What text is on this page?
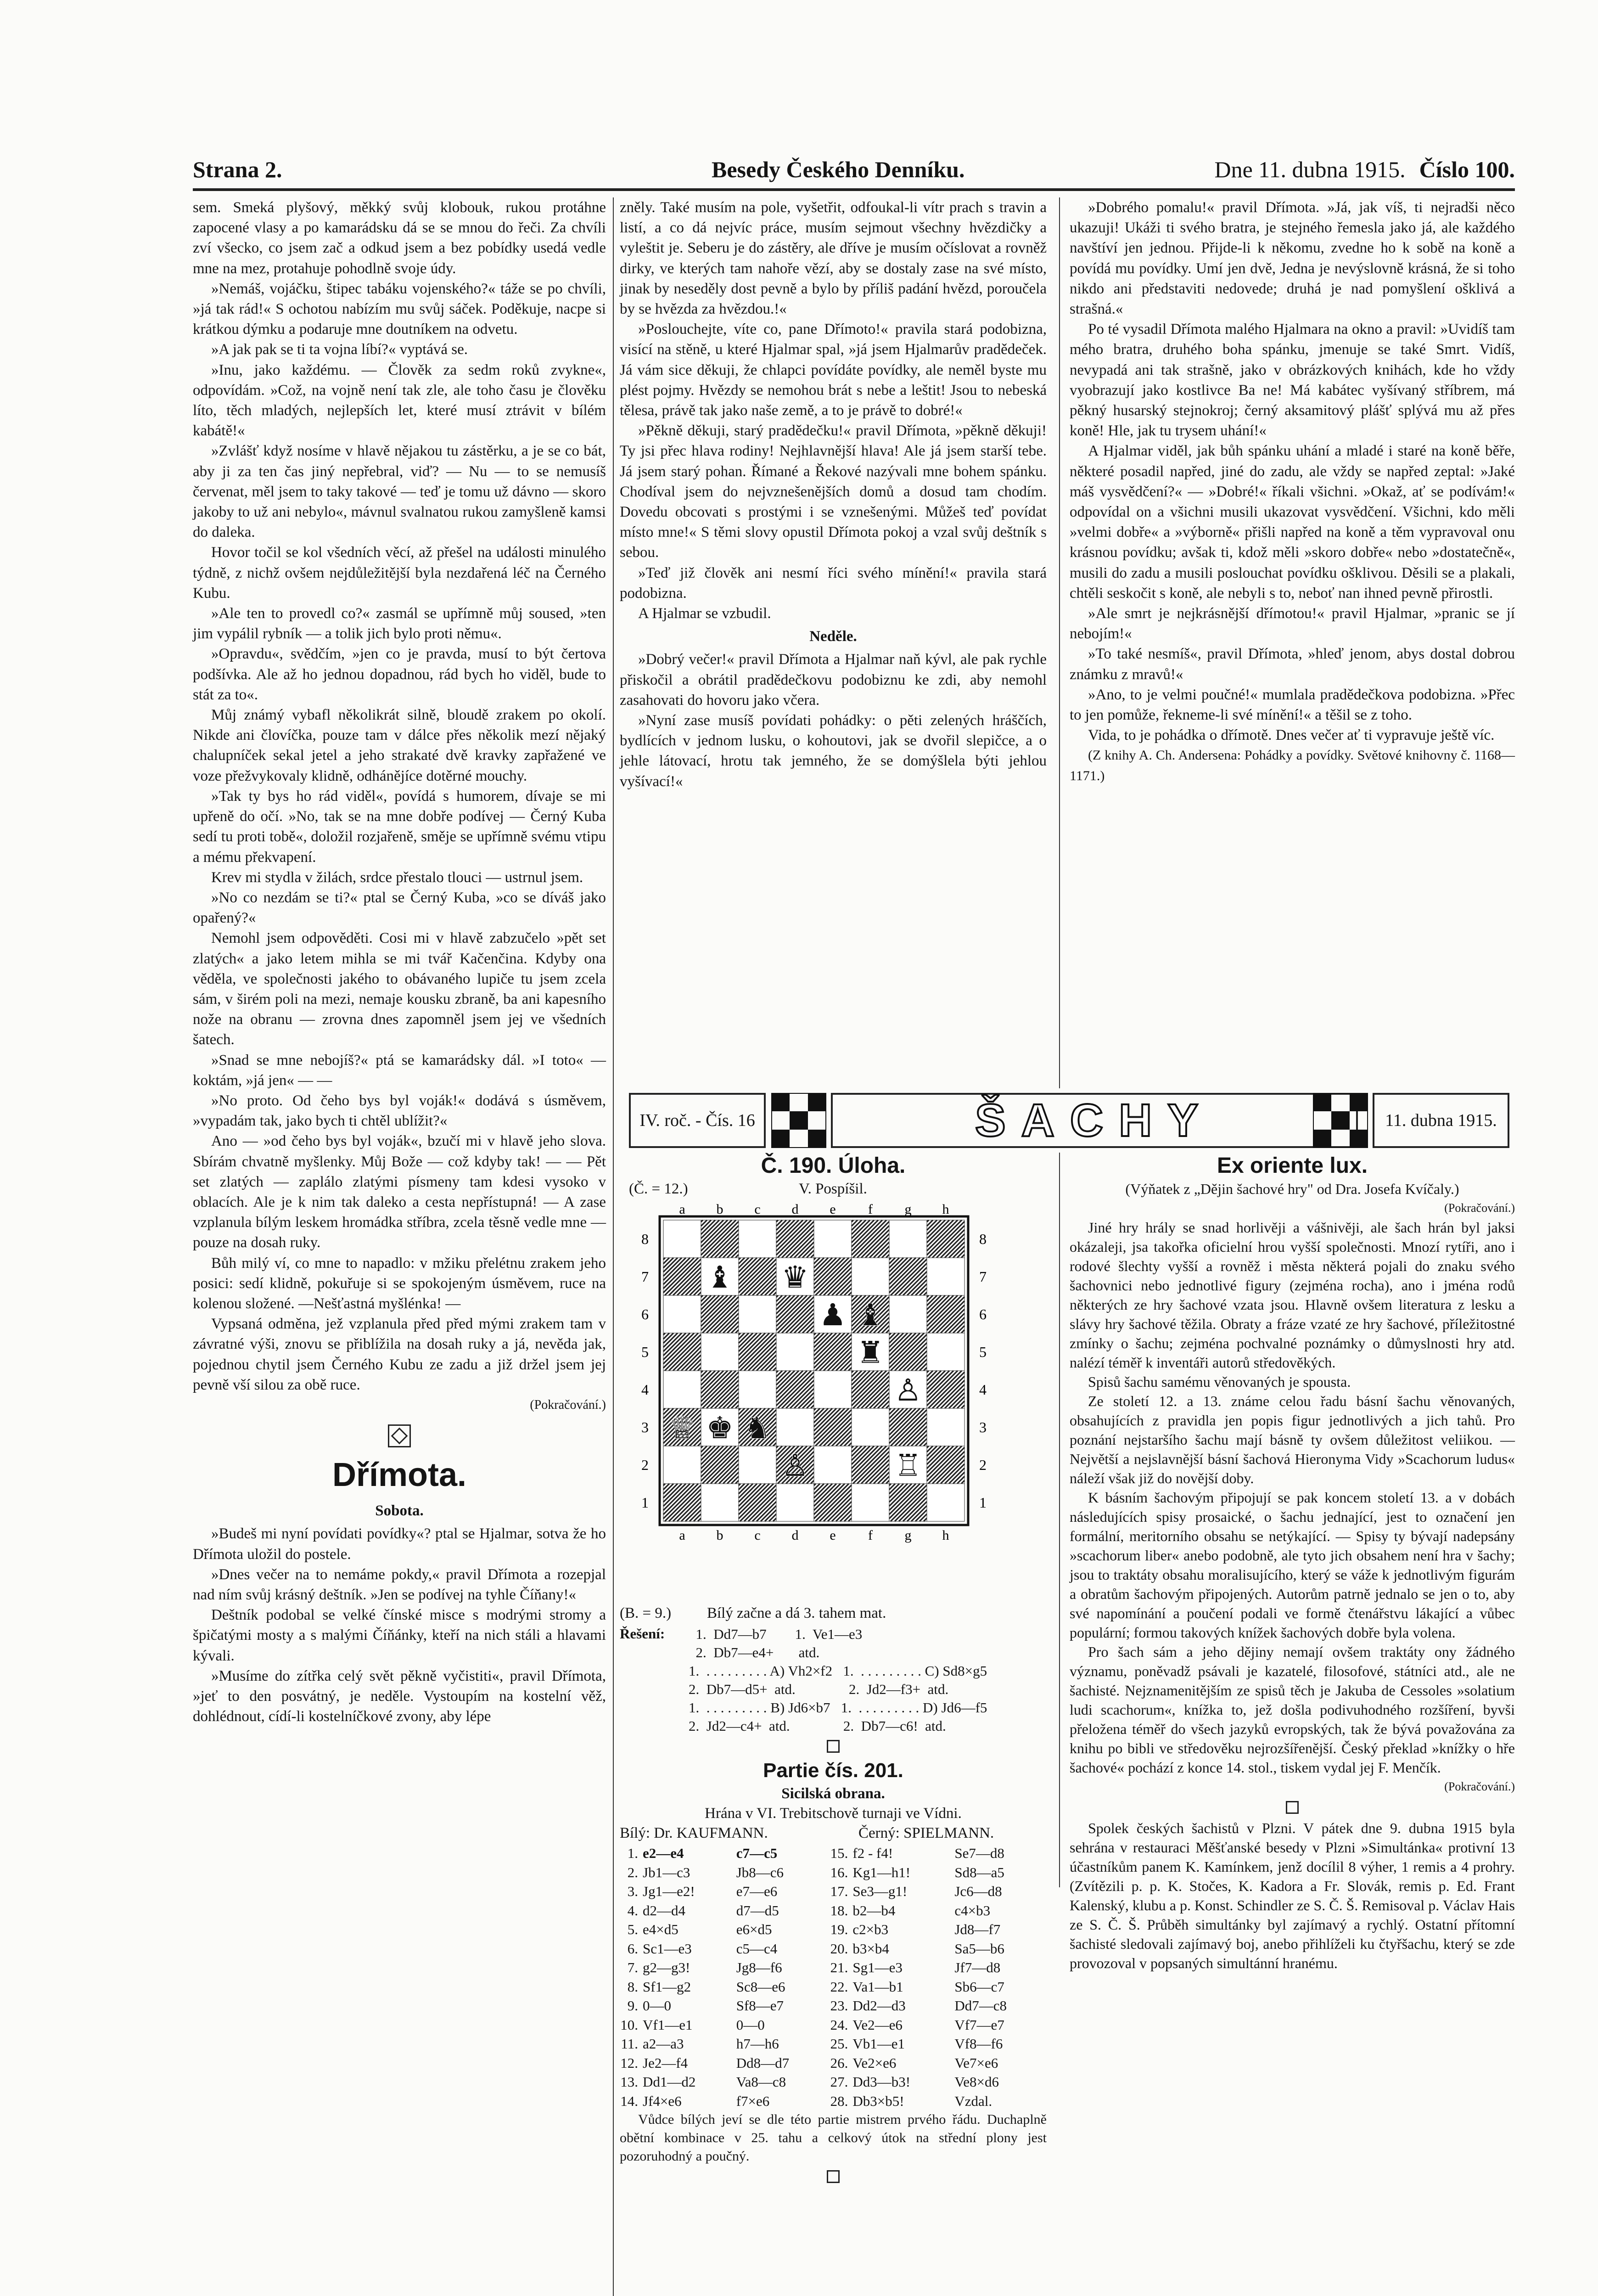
Strana 2.	Besedy Českého Denníku.	Dne 11. dubna 1915. Číslo 100.

sem. Smeká plyšový, měkký svůj klobouk, rukou protáhne zapocené vlasy a po kamarádsku dá se se mnou do řeči. Za chvíli zví všecko, co jsem zač a odkud jsem a bez pobídky usedá vedle mne na mez, protahuje pohodlně svoje údy.

»Nemáš, vojáčku, štipec tabáku vojenského?« táže se po chvíli, »já tak rád!« S ochotou nabízím mu svůj sáček. Poděkuje, nacpe si krátkou dýmku a podaruje mne doutníkem na odvetu.

»A jak pak se ti ta vojna líbí?« vyptává se.

»Inu, jako každému. — Člověk za sedm roků zvykne«, odpovídám. »Což, na vojně není tak zle, ale toho času je člověku líto, těch mladých, nejlepších let, které musí ztrávit v bílém kabátě!«

»Zvlášť když nosíme v hlavě nějakou tu zástěrku, a je se co bát, aby ji za ten čas jiný nepřebral, viď? — Nu — to se nemusíš červenat, měl jsem to taky takové — teď je tomu už dávno — skoro jakoby to už ani nebylo«, mávnul svalnatou rukou zamyšleně kamsi do daleka.

Hovor točil se kol všedních věcí, až přešel na události minulého týdně, z nichž ovšem nejdůležitější byla nezdařená léč na Černého Kubu.

»Ale ten to provedl co?« zasmál se upřímně můj soused, »ten jim vypálil rybník — a tolik jich bylo proti němu«.

»Opravdu«, svědčím, »jen co je pravda, musí to být čertova podšívka. Ale až ho jednou dopadnou, rád bych ho viděl, bude to stát za to«.

Můj známý vybafl několikrát silně, bloudě zrakem po okolí. Nikde ani človíčka, pouze tam v dálce přes několik mezí nějaký chalupníček sekal jetel a jeho strakaté dvě kravky zapřažené ve voze přežvykovaly klidně, odhánějíce dotěrné mouchy.

»Tak ty bys ho rád viděl«, povídá s humorem, dívaje se mi upřeně do očí. »No, tak se na mne dobře podívej — Černý Kuba sedí tu proti tobě«, doložil rozjařeně, směje se upřímně svému vtipu a mému překvapení.

Krev mi stydla v žilách, srdce přestalo tlouci — ustrnul jsem.

»No co nezdám se ti?« ptal se Černý Kuba, »co se díváš jako opařený?«

Nemohl jsem odpověděti. Cosi mi v hlavě zabzučelo »pět set zlatých« a jako letem mihla se mi tvář Kačenčina. Kdyby ona věděla, ve společnosti jakého to obávaného lupiče tu jsem zcela sám, v širém poli na mezi, nemaje kousku zbraně, ba ani kapesního nože na obranu — zrovna dnes zapomněl jsem jej ve všedních šatech.

»Snad se mne nebojíš?« ptá se kamarádsky dál. »I toto« — koktám, »já jen« — —

»No proto. Od čeho bys byl voják!« dodává s úsměvem, »vypadám tak, jako bych ti chtěl ublížit?«

Ano — »od čeho bys byl voják«, bzučí mi v hlavě jeho slova. Sbírám chvatně myšlenky. Můj Bože — což kdyby tak! — — Pět set zlatých — zaplálo zlatými písmeny tam kdesi vysoko v oblacích. Ale je k nim tak daleko a cesta nepřístupná! — A zase vzplanula bílým leskem hromádka stříbra, zcela těsně vedle mne — pouze na dosah ruky.

Bůh milý ví, co mne to napadlo: v mžiku přelétnu zrakem jeho posici: sedí klidně, pokuřuje si se spokojeným úsměvem, ruce na kolenou složené. —Nešťastná myšlénka! —

Vypsaná odměna, jež vzplanula před před mými zrakem tam v závratné výši, znovu se přiblížila na dosah ruky a já, nevěda jak, pojednou chytil jsem Černého Kubu ze zadu a již držel jsem jej pevně vší silou za obě ruce.

(Pokračování.)

Dřímota.

Sobota.

»Budeš mi nyní povídati povídky«? ptal se Hjalmar, sotva že ho Dřímota uložil do postele.

»Dnes večer na to nemáme pokdy,« pravil Dřímota a rozepjal nad ním svůj krásný deštník. »Jen se podívej na tyhle Číňany!«

Deštník podobal se velké čínské misce s modrými stromy a špičatými mosty a s malými Číňánky, kteří na nich stáli a hlavami kývali.

»Musíme do zítřka celý svět pěkně vyčistiti«, pravil Dřímota, »jeť to den posvátný, je neděle. Vystoupím na kostelní věž, dohlédnout, cídí-li kostelníčkové zvony, aby lépe

zněly. Také musím na pole, vyšetřit, odfoukal-li vítr prach s travin a listí, a co dá nejvíc práce, musím sejmout všechny hvězdičky a vyleštit je. Seberu je do zástěry, ale dříve je musím očíslovat a rovněž dirky, ve kterých tam nahoře vězí, aby se dostaly zase na své místo, jinak by neseděly dost pevně a bylo by příliš padání hvězd, poroučela by se hvězda za hvězdou.!«

»Poslouchejte, víte co, pane Dřímoto!« pravila stará podobizna, visící na stěně, u které Hjalmar spal, »já jsem Hjalmarův pradědeček. Já vám sice děkuji, že chlapci povídáte povídky, ale neměl byste mu plést pojmy. Hvězdy se nemohou brát s nebe a leštit! Jsou to nebeská tělesa, právě tak jako naše země, a to je právě to dobré!«

»Pěkně děkuji, starý pradědečku!« pravil Dřímota, »pěkně děkuji! Ty jsi přec hlava rodiny! Nejhlavnější hlava! Ale já jsem starší tebe. Já jsem starý pohan. Římané a Řekové nazývali mne bohem spánku. Chodíval jsem do nejvznešenějších domů a dosud tam chodím. Dovedu obcovati s prostými i se vznešenými. Můžeš teď povídat místo mne!« S těmi slovy opustil Dřímota pokoj a vzal svůj deštník s sebou.

»Teď již člověk ani nesmí říci svého mínění!« pravila stará podobizna.

A Hjalmar se vzbudil.

Neděle.

»Dobrý večer!« pravil Dřímota a Hjalmar naň kývl, ale pak rychle přiskočil a obrátil pradědečkovu podobiznu ke zdi, aby nemohl zasahovati do hovoru jako včera.

»Nyní zase musíš povídati pohádky: o pěti zelených hráščích, bydlících v jednom lusku, o kohoutovi, jak se dvořil slepičce, a o jehle látovací, hrotu tak jemného, že se domýšlela býti jehlou vyšívací!«

»Dobrého pomalu!« pravil Dřímota. »Já, jak víš, ti nejradši něco ukazuji! Ukáži ti svého bratra, je stejného řemesla jako já, ale každého navštíví jen jednou. Přijde-li k někomu, zvedne ho k sobě na koně a povídá mu povídky. Umí jen dvě, Jedna je nevýslovně krásná, že si toho nikdo ani představiti nedovede; druhá je nad pomyšlení ošklivá a strašná.«

Po té vysadil Dřímota malého Hjalmara na okno a pravil: »Uvidíš tam mého bratra, druhého boha spánku, jmenuje se také Smrt. Vidíš, nevypadá ani tak strašně, jako v obrázkových knihách, kde ho vždy vyobrazují jako kostlivce Ba ne! Má kabátec vyšívaný stříbrem, má pěkný husarský stejnokroj; černý aksamitový plášť splývá mu až přes koně! Hle, jak tu trysem uhání!«

A Hjalmar viděl, jak bůh spánku uhání a mladé i staré na koně běře, některé posadil napřed, jiné do zadu, ale vždy se napřed zeptal: »Jaké máš vysvědčení?« — »Dobré!« říkali všichni. »Okaž, ať se podívám!« odpovídal on a všichni musili ukazovat vysvědčení. Všichni, kdo měli »velmi dobře« a »výborně« přišli napřed na koně a těm vypravoval onu krásnou povídku; avšak ti, kdož měli »skoro dobře« nebo »dostatečně«, musili do zadu a musili poslouchat povídku ošklivou. Děsili se a plakali, chtěli seskočit s koně, ale nebyli s to, neboť nan ihned pevně přirostli.

»Ale smrt je nejkrásnější dřímotou!« pravil Hjalmar, »pranic se jí nebojím!«

»To také nesmíš«, pravil Dřímota, »hleď jenom, abys dostal dobrou známku z mravů!«

»Ano, to je velmi poučné!« mumlala pradědečkova podobizna. »Přec to jen pomůže, řekneme-li své mínění!« a těšil se z toho.

Vida, to je pohádka o dřímotě. Dnes večer ať ti vypravuje ještě víc.

(Z knihy A. Ch. Andersena: Pohádky a povídky. Světové knihovny č. 1168—1171.)

IV. roč. - Čís. 16	ŠACHY	11. dubna 1915.
Č. 190. Úloha.
(Č. = 12.)	V. Pospíšil.
a
a
b
b
c
c
d
d
e
e
f
f
g
g
h
h
8	8
7	7
6	6
5	5
4	4
3	3
2	2
1	1
♝ ♛
♚
♕ ♞
♟ ♝
♜
♙
♙	♖
(B. = 9.) Bílý začne a dá 3. tahem mat.
Řešení:	1.  Dd7—b7        1.  Ve1—e3
2.  Db7—e4+       atd.
1.  . . . . . . . . . A) Vh2×f2   1.  . . . . . . . . . C) Sd8×g5
2.  Db7—d5+  atd.               2.  Jd2—f3+  atd.
1.  . . . . . . . . . B) Jd6×b7   1.  . . . . . . . . . D) Jd6—f5
2.  Jd2—c4+  atd.               2.  Db7—c6!  atd.
Partie čís. 201.
Sicilská obrana.
Hrána v VI. Trebitschově turnaji ve Vídni.
Bílý: Dr. KAUFMANN.	Černý: SPIELMANN.
1.	e2—e4	c7—c5	15.	f2 - f4!	Se7—d8
2.	Jb1—c3	Jb8—c6	16.	Kg1—h1!	Sd8—a5
3.	Jg1—e2!	e7—e6	17.	Se3—g1!	Jc6—d8
4.	d2—d4	d7—d5	18.	b2—b4	c4×b3
5.	e4×d5	e6×d5	19.	c2×b3	Jd8—f7
6.	Sc1—e3	c5—c4	20.	b3×b4	Sa5—b6
7.	g2—g3!	Jg8—f6	21.	Sg1—e3	Jf7—d8
8.	Sf1—g2	Sc8—e6	22.	Va1—b1	Sb6—c7
9.	0—0	Sf8—e7	23.	Dd2—d3	Dd7—c8
10.	Vf1—e1	0—0	24.	Ve2—e6	Vf7—e7
11.	a2—a3	h7—h6	25.	Vb1—e1	Vf8—f6
12.	Je2—f4	Dd8—d7	26.	Ve2×e6	Ve7×e6
13.	Dd1—d2	Va8—c8	27.	Dd3—b3!	Ve8×d6
14.	Jf4×e6	f7×e6	28.	Db3×b5!	Vzdal.
Vůdce bílých jeví se dle této partie mistrem prvého řádu. Duchaplně obětní kombinace v 25. tahu a celkový útok na střední plony jest pozoruhodný a poučný.

Ex oriente lux.

(Výňatek z „Dějin šachové hry" od Dra. Josefa Kvíčaly.)

(Pokračování.)

Jiné hry hrály se snad horlivěji a vášnivěji, ale šach hrán byl jaksi okázaleji, jsa takořka oficielní hrou vyšší společnosti. Mnozí rytíři, ano i rodové šlechty vyšší a rovněž i města některá pojali do znaku svého šachovnici nebo jednotlivé figury (zejména rocha), ano i jména rodů některých ze hry šachové vzata jsou. Hlavně ovšem literatura z lesku a slávy hry šachové těžila. Obraty a fráze vzaté ze hry šachové, příležitostné zmínky o šachu; zejména pochvalné poznámky o důmyslnosti hry atd. nalézí téměř k inventáři autorů středověkých.

Spisů šachu samému věnovaných je spousta.

Ze století 12. a 13. známe celou řadu básní šachu věnovaných, obsahujících z pravidla jen popis figur jednotlivých a jich tahů. Pro poznání nejstaršího šachu mají básně ty ovšem důležitost veliikou. — Největší a nejslavnější básní šachová Hieronyma Vidy »Scachorum ludus« náleží však již do novější doby.

K básním šachovým připojují se pak koncem století 13. a v dobách následujících spisy prosaické, o šachu jednající, jest to označení jen formální, meritorního obsahu se netýkající. — Spisy ty bývají nadepsány »scachorum liber« anebo podobně, ale tyto jich obsahem není hra v šachy; jsou to traktáty obsahu moralisujícího, který se váže k jednotlivým figurám a obratům šachovým připojených. Autorům patrně jednalo se jen o to, aby své napomínání a poučení podali ve formě čtenářstvu lákající a vůbec populární; formou takových knížek šachových dobře byla volena.

Pro šach sám a jeho dějiny nemají ovšem traktáty ony žádného významu, poněvadž psávali je kazatelé, filosofové, státníci atd., ale ne šachisté. Nejznamenitějším ze spisů těch je Jakuba de Cessoles »solatium ludi scachorum«, knížka to, jež došla podivuhodného rozšíření, byvši přeložena téměř do všech jazyků evropských, tak že bývá považována za knihu po bibli ve středověku nejrozšířenější. Český překlad »knížky o hře šachové« pochází z konce 14. stol., tiskem vydal jej F. Menčík.

(Pokračování.)

Spolek českých šachistů v Plzni. V pátek dne 9. dubna 1915 byla sehrána v restauraci Měšťanské besedy v Plzni »Simultánka« protivní 13 účastníkům panem K. Kamínkem, jenž docílil 8 výher, 1 remis a 4 prohry. (Zvítězili p. p. K. Stočes, K. Kadora a Fr. Slovák, remis p. Ed. Frant Kalenský, klubu a p. Konst. Schindler ze S. Č. Š. Remisoval p. Václav Hais ze S. Č. Š. Průběh simultánky byl zajímavý a rychlý. Ostatní přítomní šachisté sledovali zajímavý boj, anebo přihlíželi ku čtyřšachu, který se zde provozoval v popsaných simultánní hranému.
